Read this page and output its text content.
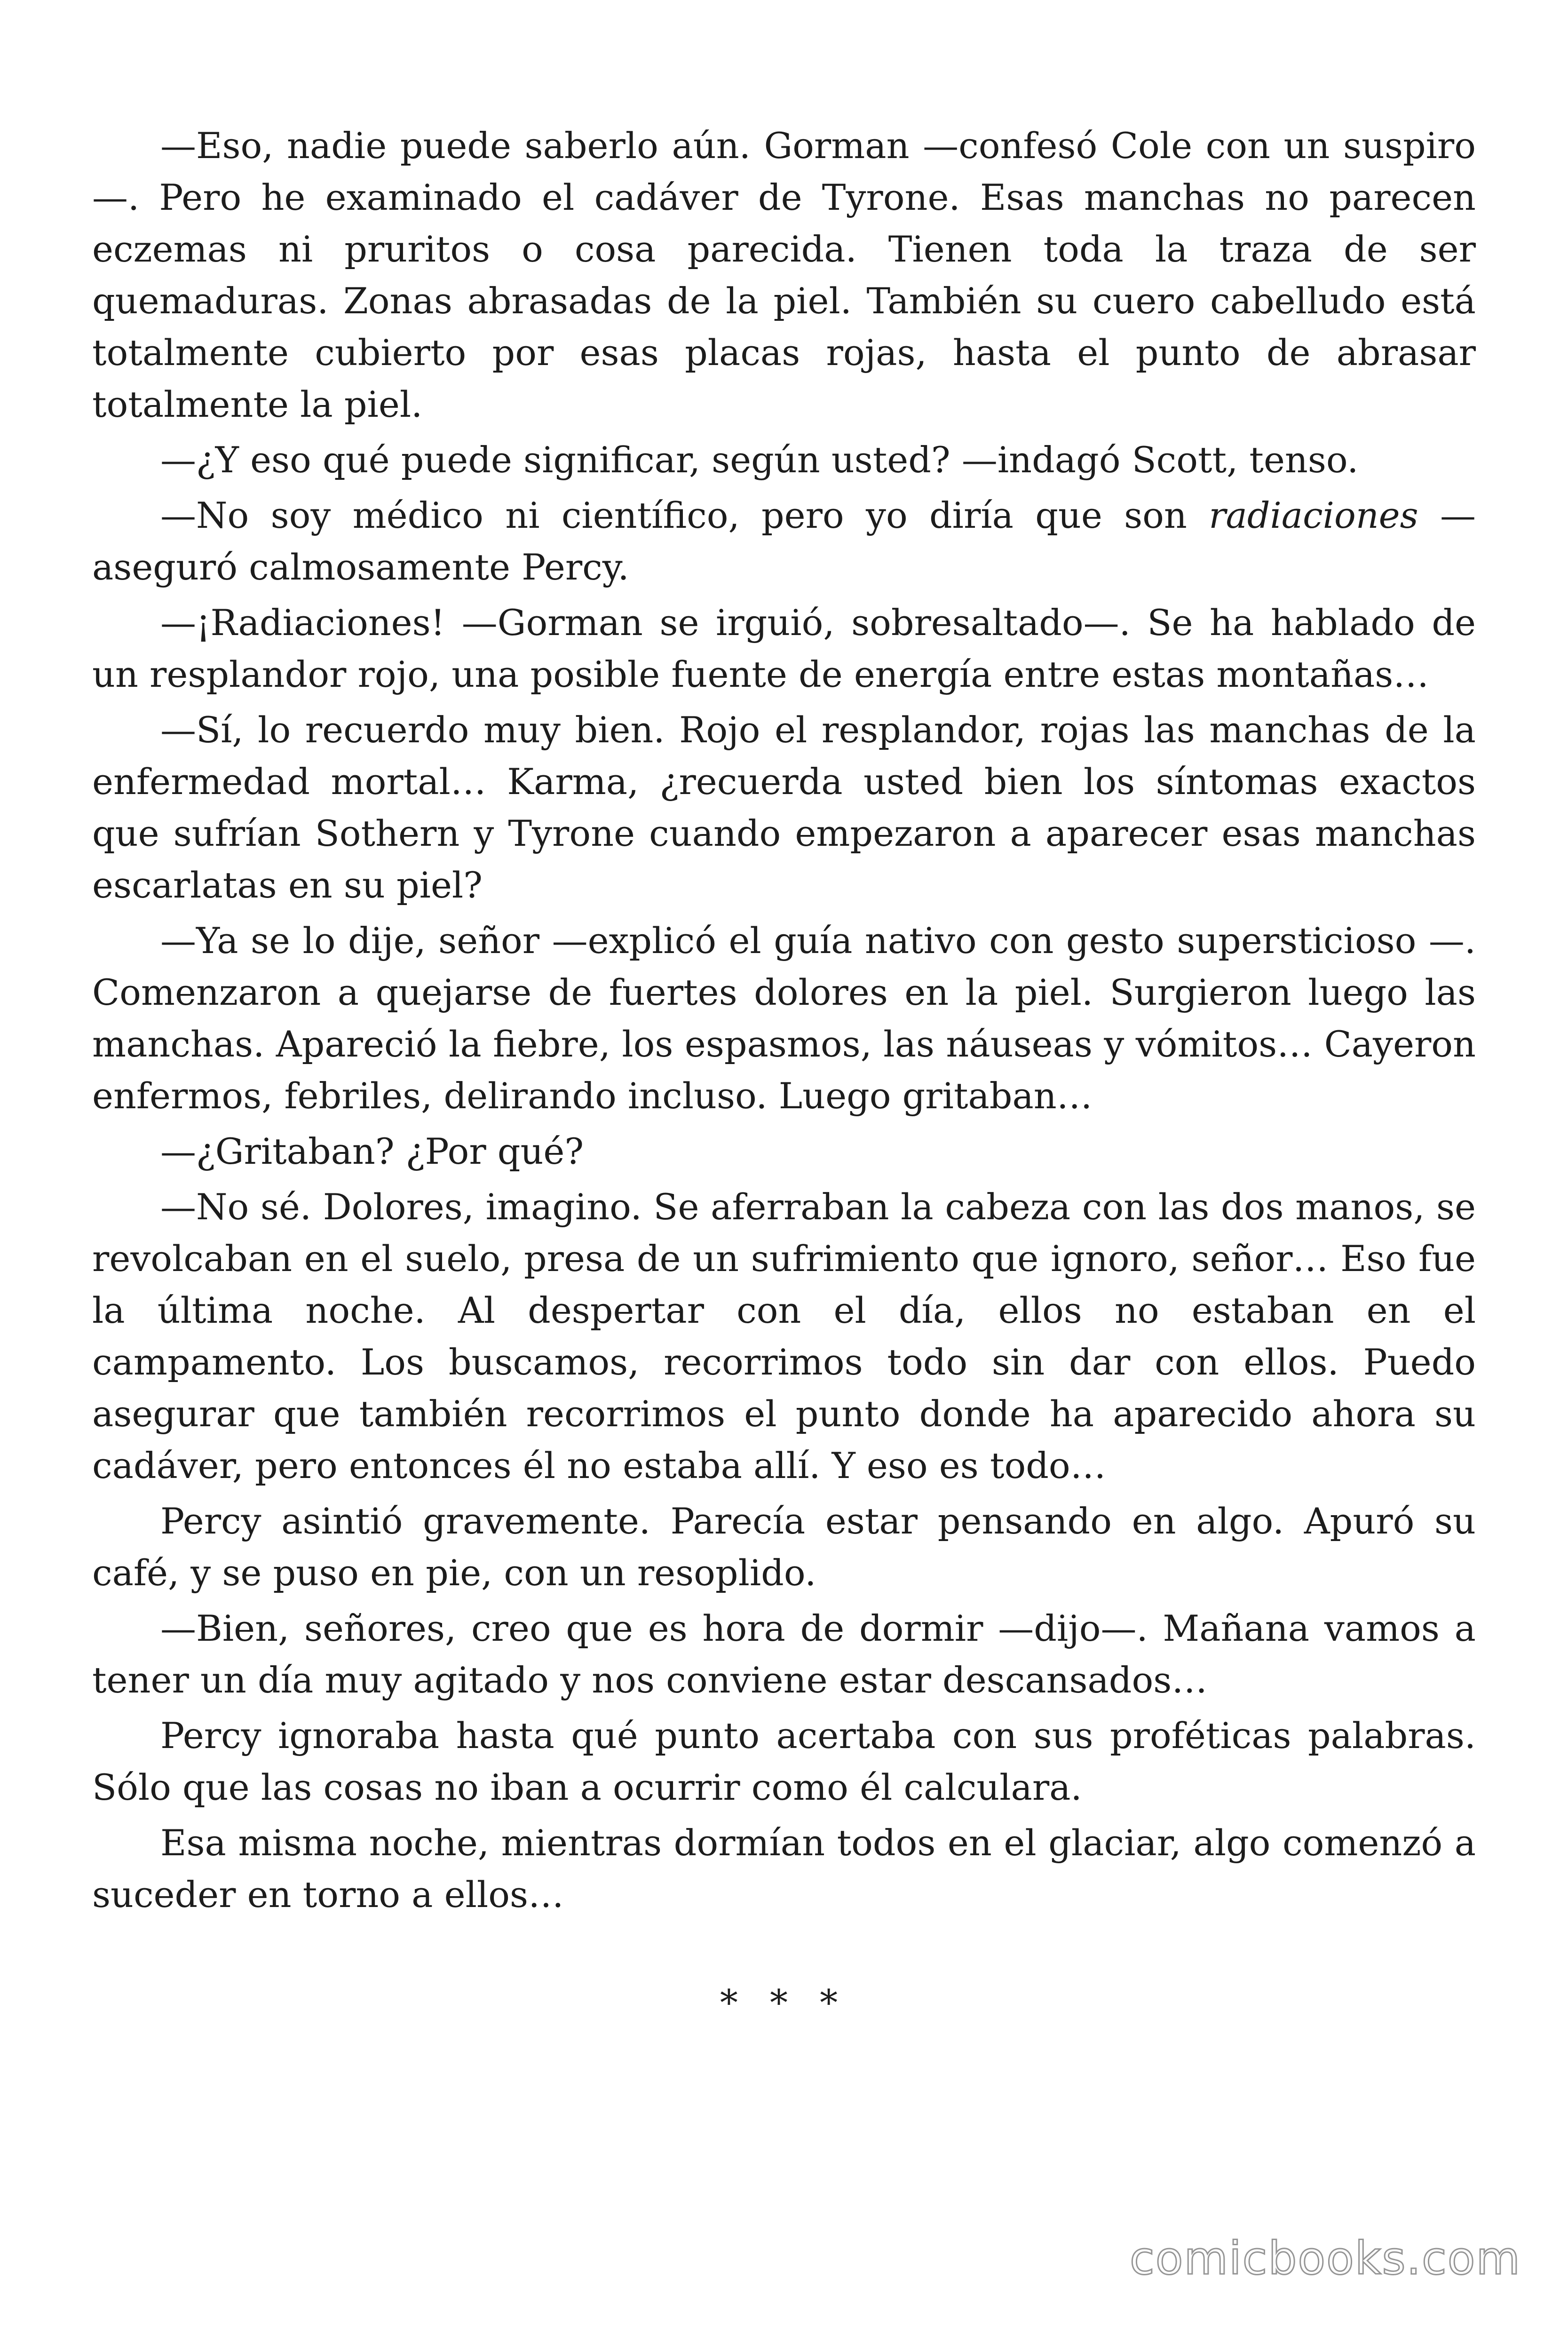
—Eso, nadie puede saberlo aún. Gorman —confesó Cole con un suspiro—. Pero he examinado el cadáver de Tyrone. Esas manchas no parecen eczemas ni pruritos o cosa parecida. Tienen toda la traza de ser quemaduras. Zonas abrasadas de la piel. También su cuero cabelludo está totalmente cubierto por esas placas rojas, hasta el punto de abrasar totalmente la piel.

—¿Y eso qué puede significar, según usted? —indagó Scott, tenso.

—No soy médico ni científico, pero yo diría que son radiaciones —aseguró calmosamente Percy.

—¡Radiaciones! —Gorman se irguió, sobresaltado—. Se ha hablado de un resplandor rojo, una posible fuente de energía entre estas montañas…

—Sí, lo recuerdo muy bien. Rojo el resplandor, rojas las manchas de la enfermedad mortal… Karma, ¿recuerda usted bien los síntomas exactos que sufrían Sothern y Tyrone cuando empezaron a aparecer esas manchas escarlatas en su piel?

—Ya se lo dije, señor —explicó el guía nativo con gesto supersticioso —. Comenzaron a quejarse de fuertes dolores en la piel. Surgieron luego las manchas. Apareció la fiebre, los espasmos, las náuseas y vómitos… Cayeron enfermos, febriles, delirando incluso. Luego gritaban…

—¿Gritaban? ¿Por qué?

—No sé. Dolores, imagino. Se aferraban la cabeza con las dos manos, se revolcaban en el suelo, presa de un sufrimiento que ignoro, señor… Eso fue la última noche. Al despertar con el día, ellos no estaban en el campamento. Los buscamos, recorrimos todo sin dar con ellos. Puedo asegurar que también recorrimos el punto donde ha aparecido ahora su cadáver, pero entonces él no estaba allí. Y eso es todo…

Percy asintió gravemente. Parecía estar pensando en algo. Apuró su café, y se puso en pie, con un resoplido.

—Bien, señores, creo que es hora de dormir —dijo—. Mañana vamos a tener un día muy agitado y nos conviene estar descansados…

Percy ignoraba hasta qué punto acertaba con sus proféticas palabras. Sólo que las cosas no iban a ocurrir como él calculara.

Esa misma noche, mientras dormían todos en el glaciar, algo comenzó a suceder en torno a ellos…

* * *
comicbooks.com
